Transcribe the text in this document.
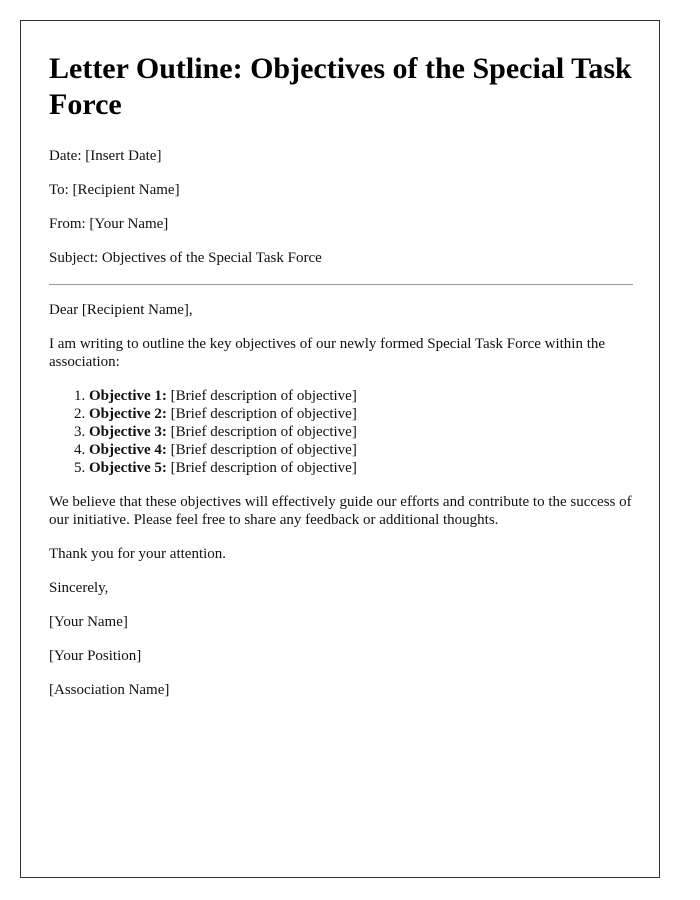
Letter Outline: Objectives of the Special Task Force

Date: [Insert Date]

To: [Recipient Name]

From: [Your Name]

Subject: Objectives of the Special Task Force

Dear [Recipient Name],

I am writing to outline the key objectives of our newly formed Special Task Force within the association:

1. Objective 1: [Brief description of objective]
2. Objective 2: [Brief description of objective]
3. Objective 3: [Brief description of objective]
4. Objective 4: [Brief description of objective]
5. Objective 5: [Brief description of objective]

We believe that these objectives will effectively guide our efforts and contribute to the success of our initiative. Please feel free to share any feedback or additional thoughts.

Thank you for your attention.

Sincerely,

[Your Name]

[Your Position]

[Association Name]
